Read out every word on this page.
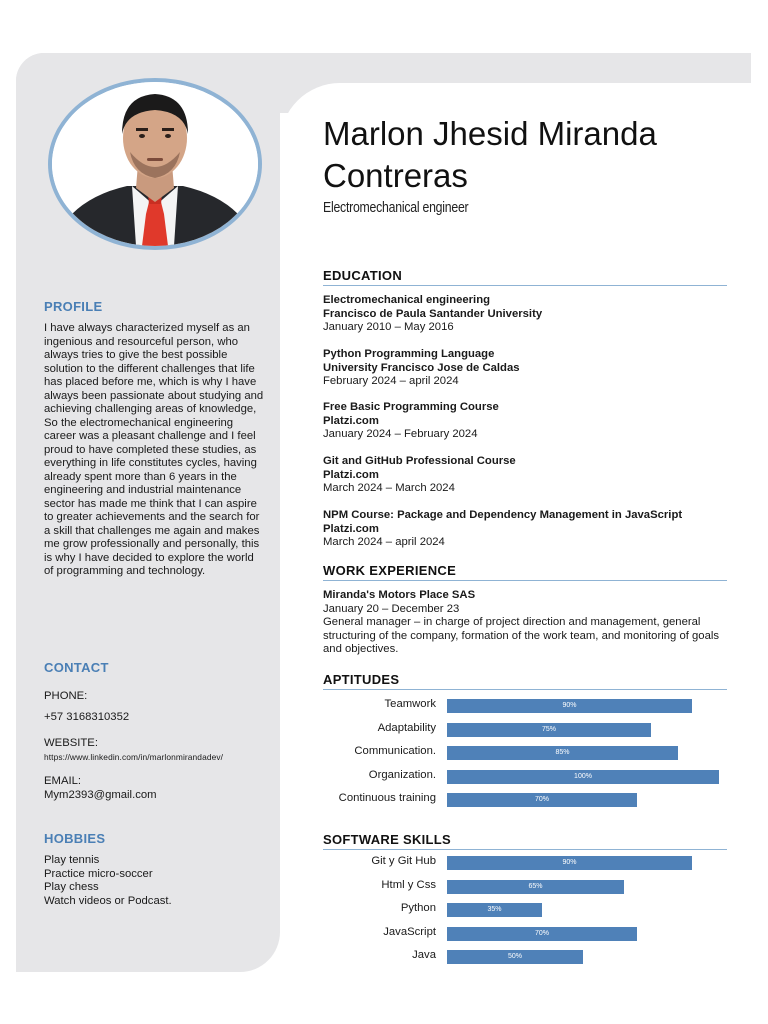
PROFILE

I have always characterized myself as an ingenious and resourceful person, who always tries to give the best possible solution to the different challenges that life has placed before me, which is why I have always been passionate about studying and achieving challenging areas of knowledge, So the electromechanical engineering career was a pleasant challenge and I feel proud to have completed these studies, as everything in life constitutes cycles, having already spent more than 6 years in the engineering and industrial maintenance sector has made me think that I can aspire to greater achievements and the search for a skill that challenges me again and makes me grow professionally and personally, this is why I have decided to explore the world of programming and technology.

CONTACT
PHONE:
+57 3168310352
WEBSITE:
https://www.linkedin.com/in/marlonmirandadev/
EMAIL:
Mym2393@gmail.com
HOBBIES
Play tennis
Practice micro-soccer
Play chess
Watch videos or Podcast.
Marlon Jhesid Miranda Contreras
Electromechanical engineer
EDUCATION

Electromechanical engineering

Francisco de Paula Santander University

January 2010 – May 2016

Python Programming Language

University Francisco Jose de Caldas

February 2024 – april 2024

Free Basic Programming Course

Platzi.com

January 2024 – February 2024

Git and GitHub Professional Course

Platzi.com

March 2024 – March 2024

NPM Course: Package and Dependency Management in JavaScript

Platzi.com

March 2024 – april 2024

WORK EXPERIENCE

Miranda's Motors Place SAS

January 20 – December 23

General manager – in charge of project direction and management, general structuring of the company, formation of the work team, and monitoring of goals and objectives.

APTITUDES
Teamwork	90%
Adaptability	75%
Communication.	85%
Organization.	100%
Continuous training	70%
SOFTWARE SKILLS
Git y Git Hub	90%
Html y Css	65%
Python	35%
JavaScript	70%
Java	50%
